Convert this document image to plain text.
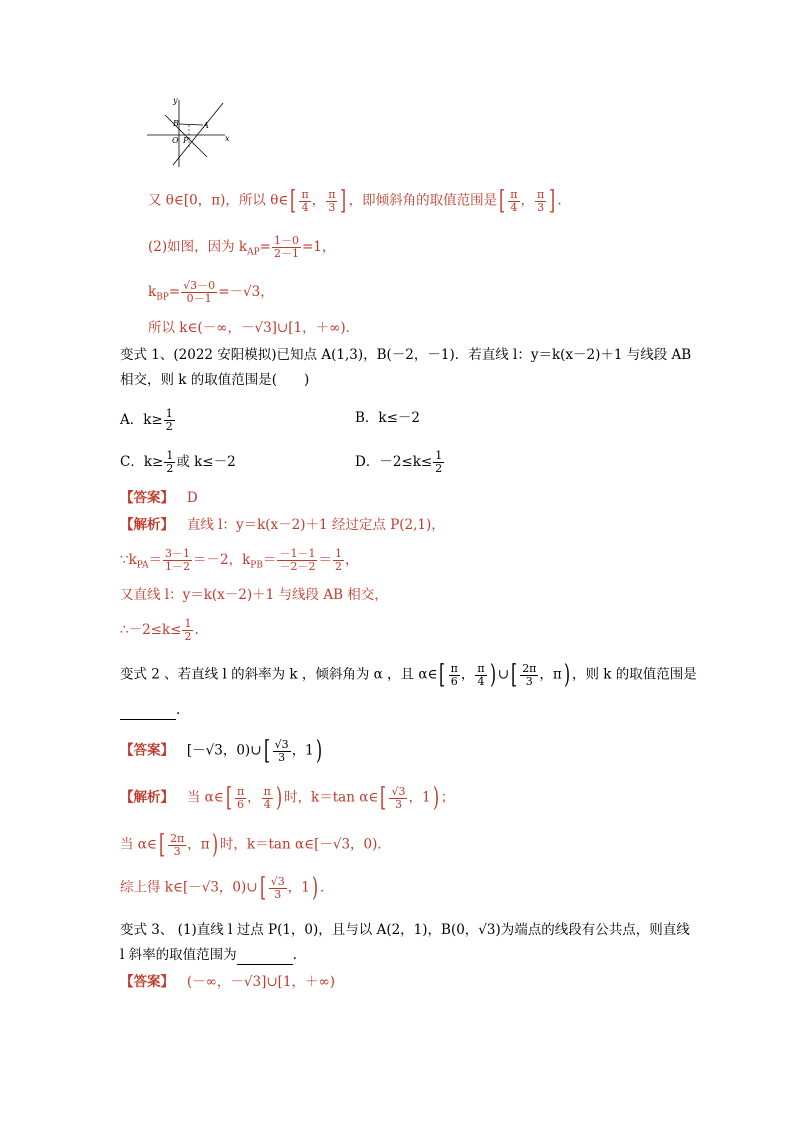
y
x
B	A
O P
又 θ∈[0，π)，所以 θ∈[ $\frac{\pi}{4}$ ， $\frac{\pi}{3}$ ] ，即倾斜角的取值范围是[ $\frac{\pi}{4}$ ， $\frac{\pi}{3}$ ] .
(2)如图，因为 $k_{AP}= \frac{1-0}{2-1} =1$，
$k_{BP}= \frac{√3-0}{0-1} =-√3$，
所以 k∈(－∞，－√3]∪[1，＋∞)．
变式 1、(2022 安阳模拟)已知点 A(1,3)，B(－2，－1)．若直线 l：y＝k(x－2)＋1 与线段 AB
相交，则 k 的取值范围是(　　)
A．$k\ge \frac{1}{2}$	B．k≤－2
C．$k\ge \frac{1}{2}$ 或 k≤－2	D．$-2\le k\le \frac{1}{2}$
【答案】 D
【解析】 直线 l：y＝k(x－2)＋1 经过定点 P(2,1)，
$\because k_{PA}= \frac{3-1}{1-2} =-2$，$k_{PB}= \frac{-1-1}{-2-2} = \frac{1}{2}$ ，
又直线 l：y＝k(x－2)＋1 与线段 AB 相交，
∴－2≤k≤ $\frac{1}{2}$ .
变式 2 、若直线 l 的斜率为 k ，倾斜角为 α ，且 α∈[ $\frac{\pi}{6}$ ， $\frac{\pi}{4}$ ) ∪[ $\frac{2\pi}{3}$ ，π) ，则 k 的取值范围是
.
【答案】 [－√3，0)∪[ $\frac{√3}{3}$ ，1)
【解析】 当 α∈[ $\frac{\pi}{6}$ ， $\frac{\pi}{4}$ ) 时，k＝tan α∈[ $\frac{√3}{3}$ ，1) ；
当 α∈[ $\frac{2\pi}{3}$ ，π) 时，k＝tan α∈[－√3，0)．
综上得 k∈[－√3，0)∪[ $\frac{√3}{3}$ ，1) .
变式 3、 (1)直线 l 过点 P(1，0)，且与以 A(2，1)，B(0，√3)为端点的线段有公共点，则直线
l 斜率的取值范围为	.
【答案】 (－∞，－√3]∪[1，＋∞)
